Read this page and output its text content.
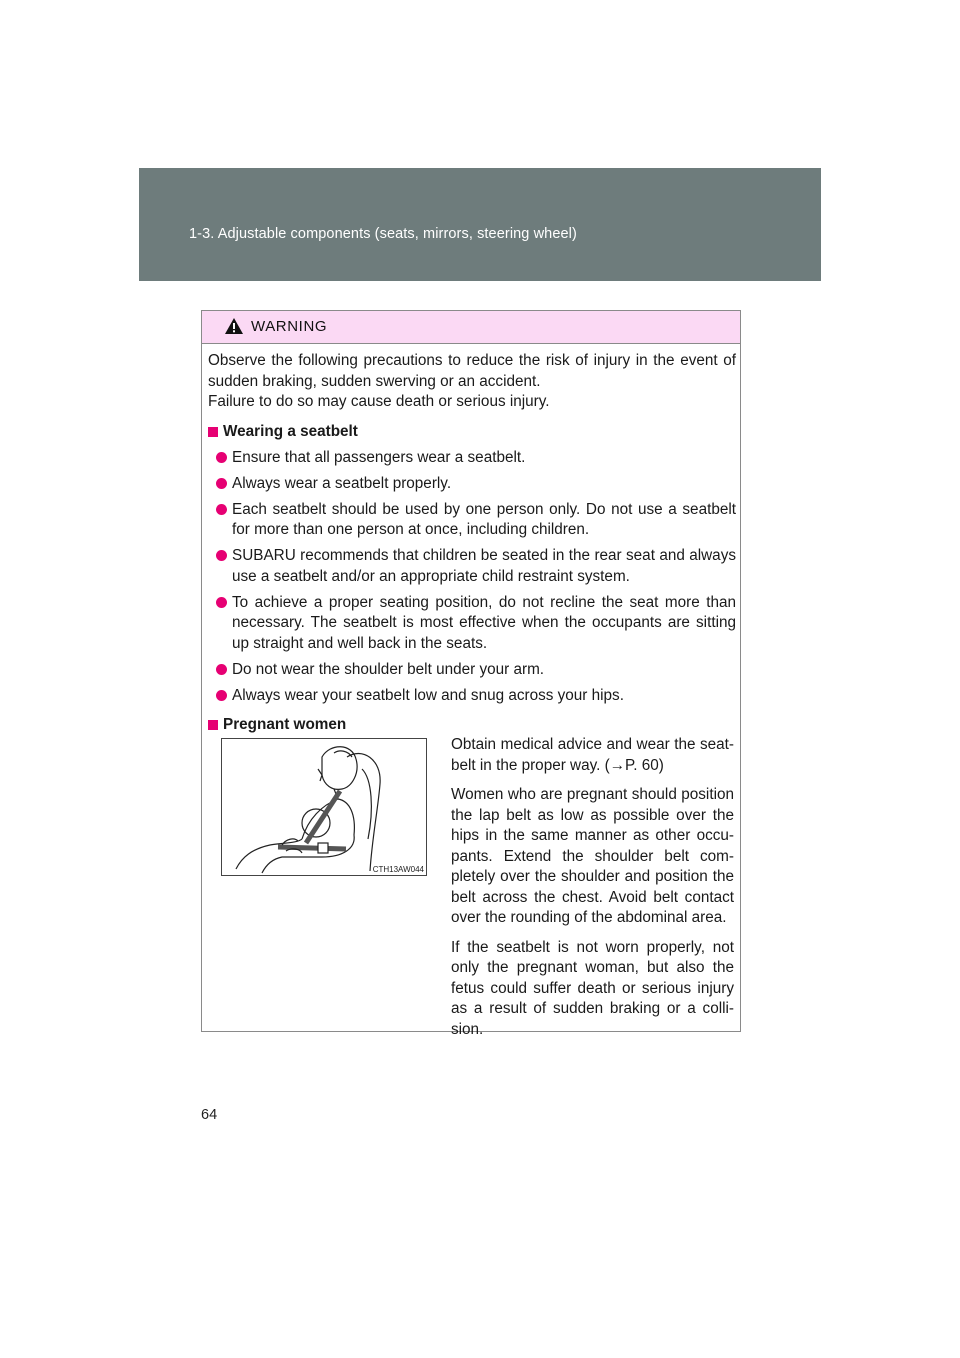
1-3. Adjustable components (seats, mirrors, steering wheel)
WARNING

Observe the following precautions to reduce the risk of injury in the event of sudden braking, sudden swerving or an accident.

Failure to do so may cause death or serious injury.

Wearing a seatbelt
Ensure that all passengers wear a seatbelt.
Always wear a seatbelt properly.
Each seatbelt should be used by one person only. Do not use a seatbelt for more than one person at once, including children.
SUBARU recommends that children be seated in the rear seat and always use a seatbelt and/or an appropriate child restraint system.
To achieve a proper seating position, do not recline the seat more than necessary. The seatbelt is most effective when the occupants are sitting up straight and well back in the seats.
Do not wear the shoulder belt under your arm.
Always wear your seatbelt low and snug across your hips.
Pregnant women
CTH13AW044

Obtain medical advice and wear the seat-belt in the proper way. (→P. 60)

Women who are pregnant should position the lap belt as low as possible over the hips in the same manner as other occu-pants. Extend the shoulder belt com-pletely over the shoulder and position the belt across the chest. Avoid belt contact over the rounding of the abdominal area.

If the seatbelt is not worn properly, not only the pregnant woman, but also the fetus could suffer death or serious injury as a result of sudden braking or a colli-sion.

64
